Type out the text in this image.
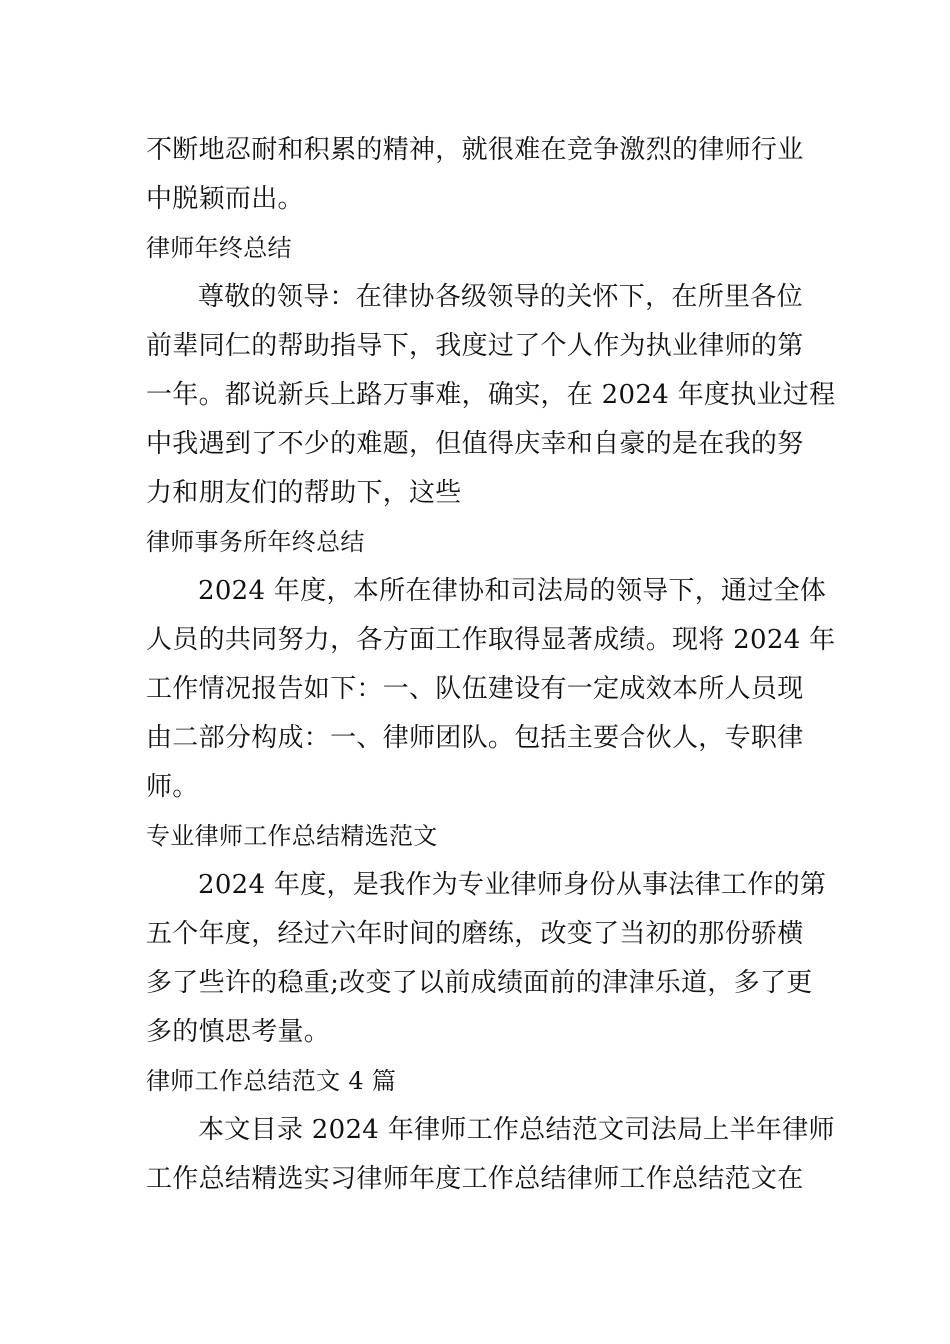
不断地忍耐和积累的精神，就很难在竞争激烈的律师行业
中脱颖而出。
律师年终总结
尊敬的领导：在律协各级领导的关怀下，在所里各位
前辈同仁的帮助指导下，我度过了个人作为执业律师的第
一年。都说新兵上路万事难，确实，在 2024 年度执业过程
中我遇到了不少的难题，但值得庆幸和自豪的是在我的努
力和朋友们的帮助下，这些
律师事务所年终总结
2024 年度，本所在律协和司法局的领导下，通过全体
人员的共同努力，各方面工作取得显著成绩。现将 2024 年
工作情况报告如下：一、队伍建设有一定成效本所人员现
由二部分构成：一、律师团队。包括主要合伙人，专职律
师。
专业律师工作总结精选范文
2024 年度，是我作为专业律师身份从事法律工作的第
五个年度，经过六年时间的磨练，改变了当初的那份骄横
多了些许的稳重;改变了以前成绩面前的津津乐道，多了更
多的慎思考量。
律师工作总结范文 4 篇
本文目录 2024 年律师工作总结范文司法局上半年律师
工作总结精选实习律师年度工作总结律师工作总结范文在
